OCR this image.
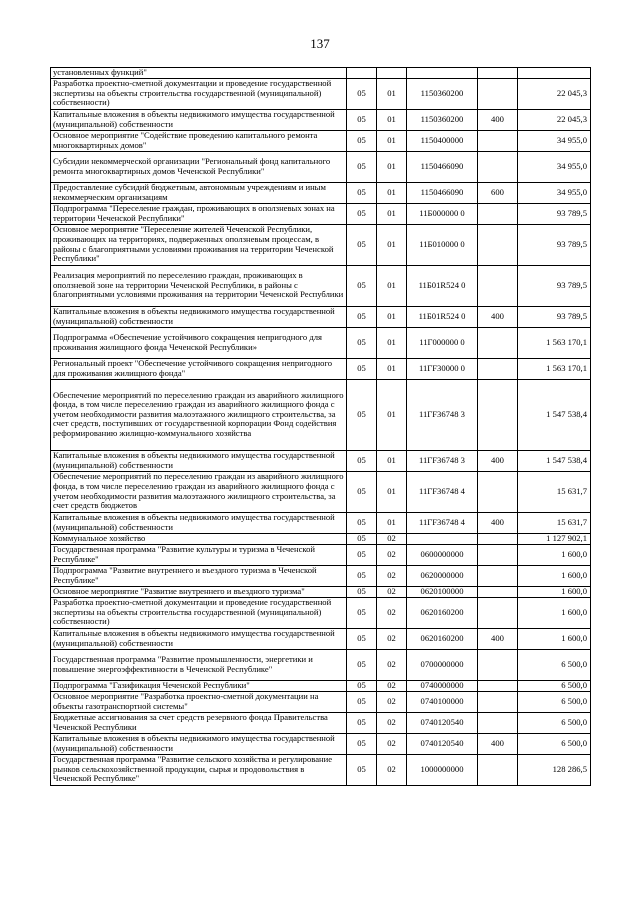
137
установленных функций"					
Разработка проектно-сметной документации и проведение государственной экспертизы на объекты строительства государственной (муниципальной) собственности)	05	01	1150360200		22 045,3
Капитальные вложения в объекты недвижимого имущества государственной (муниципальной) собственности	05	01	1150360200	400	22 045,3
Основное мероприятие "Содействие проведению капитального ремонта многоквартирных домов"	05	01	1150400000		34 955,0
Субсидии некоммерческой организации "Региональный фонд капитального ремонта многоквартирных домов Чеченской Республики"	05	01	1150466090		34 955,0
Предоставление субсидий бюджетным, автономным учреждениям и иным некоммерческим организациям	05	01	1150466090	600	34 955,0
Подпрограмма "Переселение граждан, проживающих в оползневых зонах на территории Чеченской Республики"	05	01	11Б000000 0		93 789,5
Основное мероприятие "Переселение жителей Чеченской Республики, проживающих на территориях, подверженных оползневым процессам, в районы с благоприятными условиями проживания на территории Чеченской Республики"	05	01	11Б010000 0		93 789,5
Реализация мероприятий по переселению граждан, проживающих в оползневой зоне на территории Чеченской Республики, в районы с благоприятными условиями проживания на территории Чеченской Республики	05	01	11Б01R524 0		93 789,5
Капитальные вложения в объекты недвижимого имущества государственной (муниципальной) собственности	05	01	11Б01R524 0	400	93 789,5
Подпрограмма «Обеспечение устойчивого сокращения непригодного для проживания жилищного фонда Чеченской Республики»	05	01	11Г000000 0		1 563 170,1
Региональный проект "Обеспечение устойчивого сокращения непригодного для проживания жилищного фонда"	05	01	11ГF30000 0		1 563 170,1
Обеспечение мероприятий по переселению граждан из аварийного жилищного фонда, в том числе переселению граждан из аварийного жилищного фонда с учетом необходимости развития малоэтажного жилищного строительства, за счет средств, поступивших от государственной корпорации Фонд содействия реформированию жилищно-коммунального хозяйства	05	01	11ГF36748 3		1 547 538,4
Капитальные вложения в объекты недвижимого имущества государственной (муниципальной) собственности	05	01	11ГF36748 3	400	1 547 538,4
Обеспечение мероприятий по переселению граждан из аварийного жилищного фонда, в том числе переселению граждан из аварийного жилищного фонда с учетом необходимости развития малоэтажного жилищного строительства, за счет средств бюджетов	05	01	11ГF36748 4		15 631,7
Капитальные вложения в объекты недвижимого имущества государственной (муниципальной) собственности	05	01	11ГF36748 4	400	15 631,7
Коммунальное хозяйство	05	02			1 127 902,1
Государственная программа "Развитие культуры и туризма в Чеченской Республике"	05	02	0600000000		1 600,0
Подпрограмма "Развитие внутреннего и въездного туризма в Чеченской Республике"	05	02	0620000000		1 600,0
Основное мероприятие "Развитие внутреннего и въездного туризма"	05	02	0620100000		1 600,0
Разработка проектно-сметной документации и проведение государственной экспертизы на объекты строительства государственной (муниципальной) собственности)	05	02	0620160200		1 600,0
Капитальные вложения в объекты недвижимого имущества государственной (муниципальной) собственности	05	02	0620160200	400	1 600,0
Государственная программа "Развитие промышленности, энергетики и повышение энергоэффективности в Чеченской Республике"	05	02	0700000000		6 500,0
Подпрограмма "Газификация Чеченской Республики"	05	02	0740000000		6 500,0
Основное мероприятие "Разработка проектно-сметной документации на объекты газотранспортной системы"	05	02	0740100000		6 500,0
Бюджетные ассигнования за счет средств резервного фонда Правительства Чеченской Республики	05	02	0740120540		6 500,0
Капитальные вложения в объекты недвижимого имущества государственной (муниципальной) собственности	05	02	0740120540	400	6 500,0
Государственная программа "Развитие сельского хозяйства и регулирование рынков сельскохозяйственной продукции, сырья и продовольствия в Чеченской Республике"	05	02	1000000000		128 286,5
